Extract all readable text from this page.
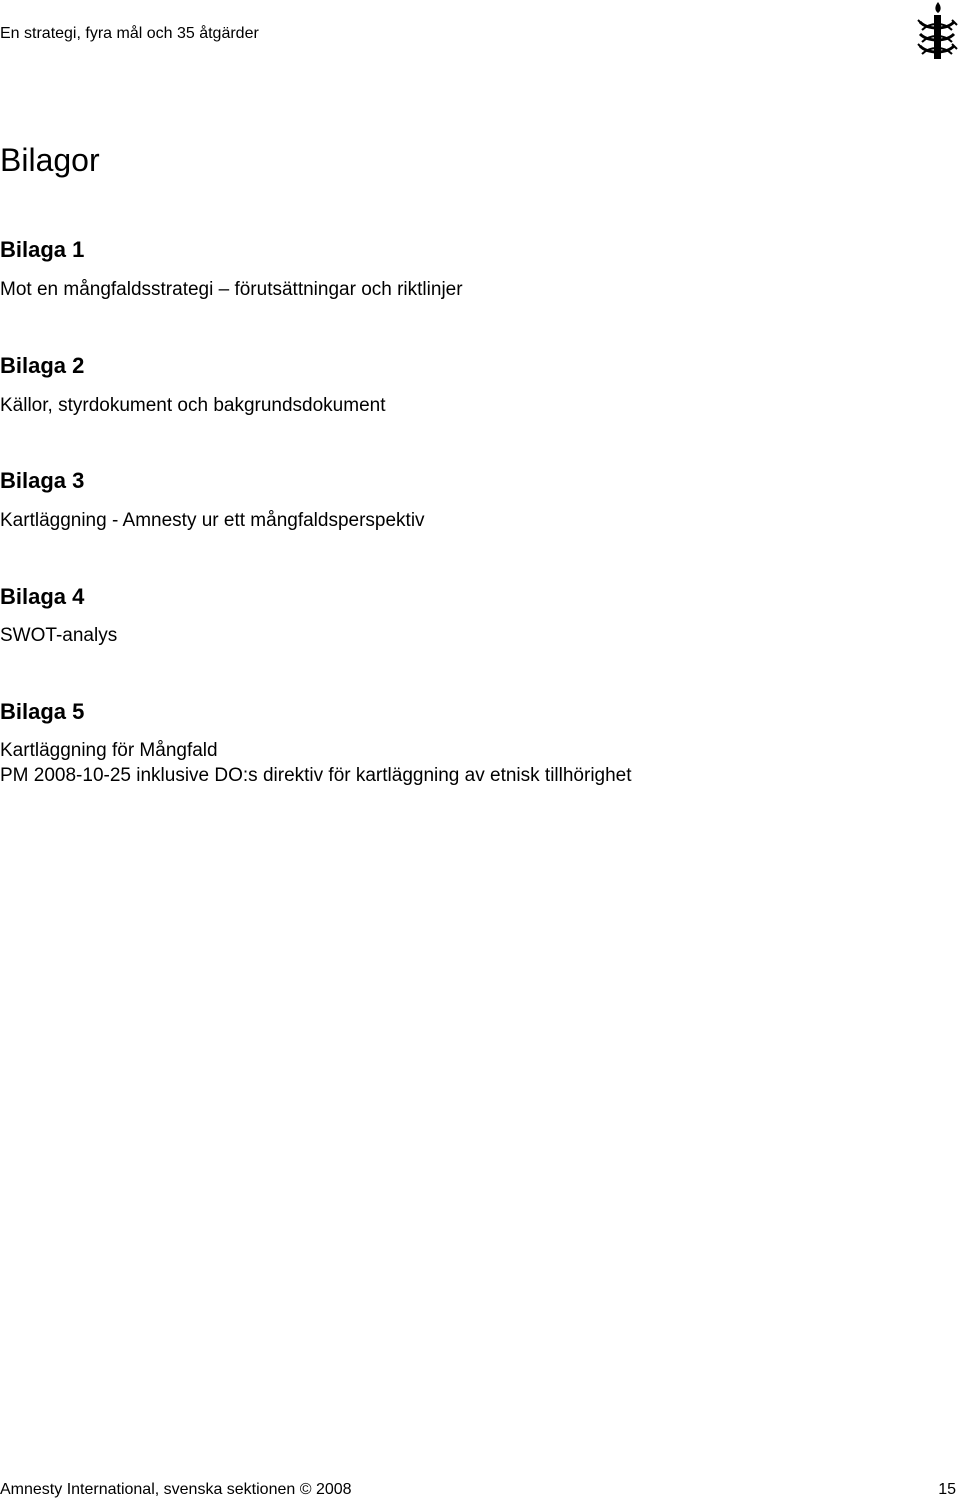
En strategi, fyra mål och 35 åtgärder
Bilagor
Bilaga 1
Mot en mångfaldsstrategi – förutsättningar och riktlinjer
Bilaga 2
Källor, styrdokument och bakgrundsdokument
Bilaga 3
Kartläggning - Amnesty ur ett mångfaldsperspektiv
Bilaga 4
SWOT-analys
Bilaga 5
Kartläggning för Mångfald
PM 2008-10-25 inklusive DO:s direktiv för kartläggning av etnisk tillhörighet
Amnesty International, svenska sektionen © 2008	15
